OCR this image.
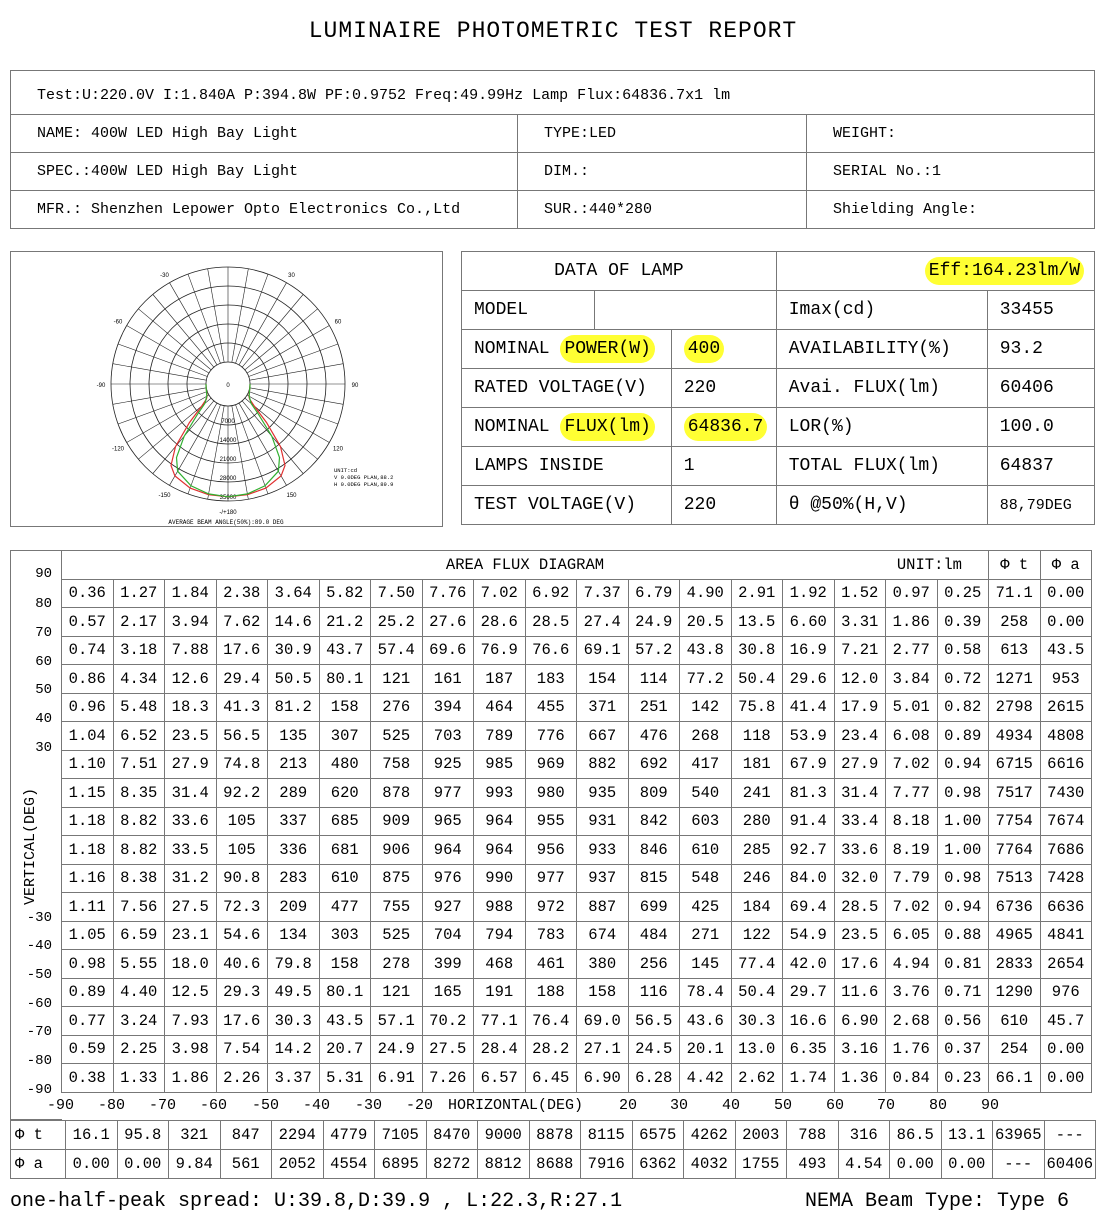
LUMINAIRE PHOTOMETRIC TEST REPORT
Test:U:220.0V I:1.840A P:394.8W PF:0.9752 Freq:49.99Hz Lamp Flux:64836.7x1 lm		
NAME: 400W LED High Bay Light	TYPE:LED	WEIGHT:
SPEC.:400W LED High Bay Light	DIM.:	SERIAL No.:1
MFR.: Shenzhen Lepower Opto Electronics Co.,Ltd	SUR.:440*280	Shielding Angle:
-/+180
-150	150
-120	120
-90	90
-60	60
-30	30
0
7000
14000
21000
28000
35000
UNIT:cd
V 0.0DEG PLAN,88.2
H 0.0DEG PLAN,89.9
AVERAGE BEAM ANGLE(50%):89.0 DEG
DATA OF LAMP			Eff:164.23lm/W	
MODEL			Imax(cd)	33455
NOMINAL POWER(W)		400	AVAILABILITY(%)	93.2
RATED VOLTAGE(V)		220	Avai. FLUX(lm)	60406
NOMINAL FLUX(lm)		64836.7	LOR(%)	100.0
LAMPS INSIDE		1	TOTAL FLUX(lm)	64837
TEST VOLTAGE(V)		220	θ @50%(H,V)	88,79DEG
VERTICAL(DEG)
90
80
70
60
50
40
30
-30
-40
-50
-60
-70
-80
-90
AREA FLUX DIAGRAM UNIT:lm																		Φ t	Φ a
0.36	1.27	1.84	2.38	3.64	5.82	7.50	7.76	7.02	6.92	7.37	6.79	4.90	2.91	1.92	1.52	0.97	0.25	71.1	0.00
0.57	2.17	3.94	7.62	14.6	21.2	25.2	27.6	28.6	28.5	27.4	24.9	20.5	13.5	6.60	3.31	1.86	0.39	258	0.00
0.74	3.18	7.88	17.6	30.9	43.7	57.4	69.6	76.9	76.6	69.1	57.2	43.8	30.8	16.9	7.21	2.77	0.58	613	43.5
0.86	4.34	12.6	29.4	50.5	80.1	121	161	187	183	154	114	77.2	50.4	29.6	12.0	3.84	0.72	1271	953
0.96	5.48	18.3	41.3	81.2	158	276	394	464	455	371	251	142	75.8	41.4	17.9	5.01	0.82	2798	2615
1.04	6.52	23.5	56.5	135	307	525	703	789	776	667	476	268	118	53.9	23.4	6.08	0.89	4934	4808
1.10	7.51	27.9	74.8	213	480	758	925	985	969	882	692	417	181	67.9	27.9	7.02	0.94	6715	6616
1.15	8.35	31.4	92.2	289	620	878	977	993	980	935	809	540	241	81.3	31.4	7.77	0.98	7517	7430
1.18	8.82	33.6	105	337	685	909	965	964	955	931	842	603	280	91.4	33.4	8.18	1.00	7754	7674
1.18	8.82	33.5	105	336	681	906	964	964	956	933	846	610	285	92.7	33.6	8.19	1.00	7764	7686
1.16	8.38	31.2	90.8	283	610	875	976	990	977	937	815	548	246	84.0	32.0	7.79	0.98	7513	7428
1.11	7.56	27.5	72.3	209	477	755	927	988	972	887	699	425	184	69.4	28.5	7.02	0.94	6736	6636
1.05	6.59	23.1	54.6	134	303	525	704	794	783	674	484	271	122	54.9	23.5	6.05	0.88	4965	4841
0.98	5.55	18.0	40.6	79.8	158	278	399	468	461	380	256	145	77.4	42.0	17.6	4.94	0.81	2833	2654
0.89	4.40	12.5	29.3	49.5	80.1	121	165	191	188	158	116	78.4	50.4	29.7	11.6	3.76	0.71	1290	976
0.77	3.24	7.93	17.6	30.3	43.5	57.1	70.2	77.1	76.4	69.0	56.5	43.6	30.3	16.6	6.90	2.68	0.56	610	45.7
0.59	2.25	3.98	7.54	14.2	20.7	24.9	27.5	28.4	28.2	27.1	24.5	20.1	13.0	6.35	3.16	1.76	0.37	254	0.00
0.38	1.33	1.86	2.26	3.37	5.31	6.91	7.26	6.57	6.45	6.90	6.28	4.42	2.62	1.74	1.36	0.84	0.23	66.1	0.00
-90 -80 -70 -60 -50 -40 -30 -20	20 30 40 50 60 70 80 90
HORIZONTAL(DEG)
Φ t	16.1	95.8	321	847	2294	4779	7105	8470	9000	8878	8115	6575	4262	2003	788	316	86.5	13.1	63965	---
Φ a	0.00	0.00	9.84	561	2052	4554	6895	8272	8812	8688	7916	6362	4032	1755	493	4.54	0.00	0.00	---	60406
one-half-peak spread: U:39.8,D:39.9 , L:22.3,R:27.1	NEMA Beam Type: Type 6
